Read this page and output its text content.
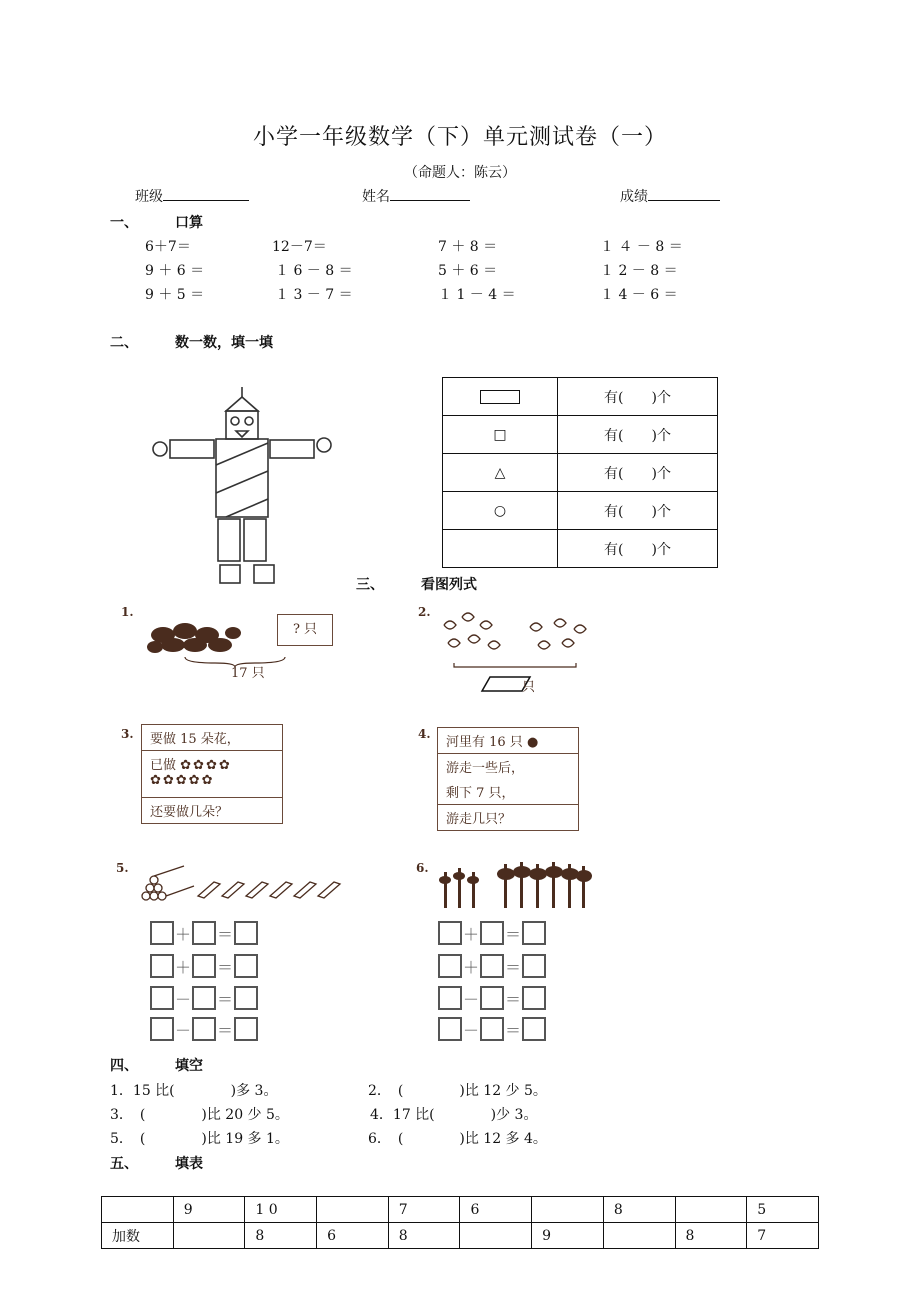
小学一年级数学（下）单元测试卷（一）
（命题人：陈云）
班级	姓名	成绩
一、	口算
6＋7＝	12－7＝	7 ＋ 8 ＝	１ ４ － 8 ＝
9 ＋ 6 ＝	１ 6 － 8 ＝	5 ＋ 6 ＝	１ 2 － 8 ＝
9 ＋ 5 ＝	１ 3 － 7 ＝	１ 1 － 4 ＝	１ 4 － 6 ＝
二、	数一数，填一填
	有(　　)个
□	有(　　)个
△	有(　　)个
○	有(　　)个
	有(　　)个
三、	看图列式
1.
? 只
17 只
2.
只
3.	要做 15 朵花，
已做 ✿✿✿✿
✿✿✿✿✿
还要做几朵？
4.
河里有 16 只 ●
游走一些后，
剩下 7 只，
游走几只？
5.
＋ ＝
＋ ＝
－ ＝
－ ＝
6.
＋ ＝
＋ ＝
－ ＝
－ ＝
四、	填空
1．15 比(　　　　)多 3。	2．　(　　　　)比 12 少 5。
3．　(　　　　)比 20 少 5。	4．17 比(　　　　)少 3。
5．　(　　　　)比 19 多 1。	6．　(　　　　)比 12 多 4。
五、	填表
	9	1 0		7	6		8		5
加数		8	6	8		9		8	7
